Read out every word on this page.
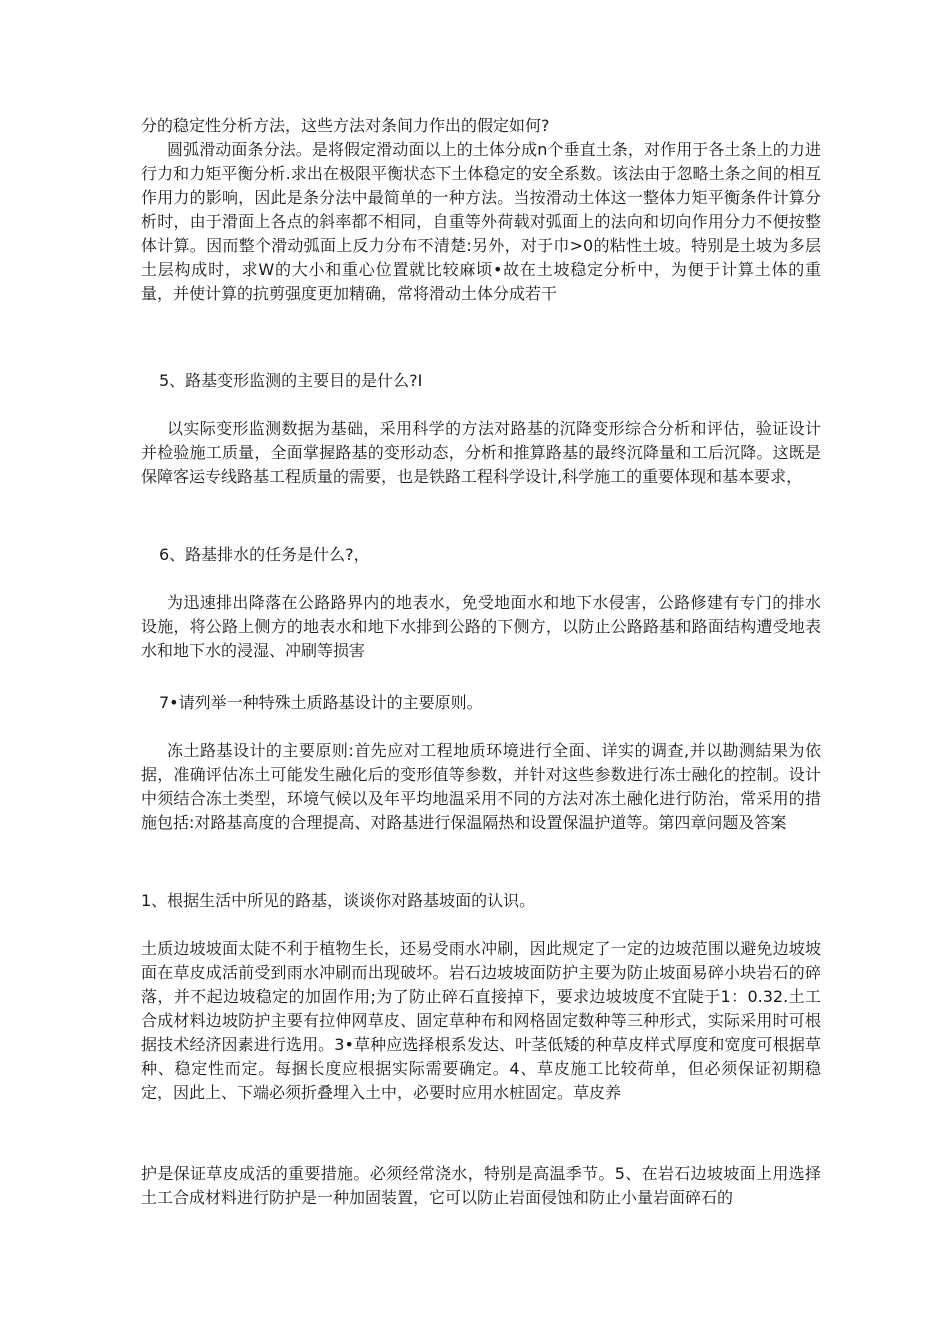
分的稳定性分析方法，这些方法对条间力作出的假定如何?

圆弧滑动面条分法。是将假定滑动面以上的土体分成n个垂直土条，对作用于各土条上的力进行力和力矩平衡分析.求出在极限平衡状态下土体稳定的安全系数。该法由于忽略土条之间的相互作用力的影响，因此是条分法中最简单的一种方法。当按滑动土体这一整体力矩平衡条件计算分析时，由于滑面上各点的斜率都不相同，自重等外荷载对弧面上的法向和切向作用分力不便按整体计算。因而整个滑动弧面上反力分布不清楚:另外，对于巾>0的粘性土坡。特别是土坡为多层土层构成时，求W的大小和重心位置就比较麻顷•故在土坡稳定分析中，为便于计算土体的重量，并使计算的抗剪强度更加精确，常将滑动土体分成若干

5、路基变形监测的主要目的是什么?I

以实际变形监测数据为基础，采用科学的方法对路基的沉降变形综合分析和评估，验证设计并检验施工质量，全面掌握路基的变形动态，分析和推算路基的最终沉降量和工后沉降。这既是保障客运专线路基工程质量的需要，也是铁路工程科学设计,科学施工的重要体现和基本要求，

6、路基排水的任务是什么?，

为迅速排出降落在公路路界内的地表水，免受地面水和地下水侵害，公路修建有专门的排水设施，将公路上侧方的地表水和地下水排到公路的下侧方，以防止公路路基和路面结构遭受地表水和地下水的浸湿、冲刷等损害

7•请列举一种特殊土质路基设计的主要原则。

冻土路基设计的主要原则:首先应对工程地质环境进行全面、详实的调查,并以勘测結果为依据，准确评估冻土可能发生融化后的变形值等参数，并针对这些参数进行冻士融化的控制。设计中须结合冻土类型，环境气候以及年平均地温采用不同的方法对冻土融化进行防治，常采用的措施包括:对路基高度的合理提高、对路基进行保温隔热和设置保温护道等。第四章问题及答案

1、根据生活中所见的路基，谈谈你对路基坡面的认识。

土质边坡坡面太陡不利于植物生长，还易受雨水冲刷，因此规定了一定的边坡范围以避免边坡坡面在草皮成活前受到雨水冲刷而出现破坏。岩石边坡坡面防护主要为防止坡面易碎小块岩石的碎落，并不起边坡稳定的加固作用;为了防止碎石直接掉下，要求边坡坡度不宜陡于1：0.32.土工合成材料边坡防护主要有拉伸网草皮、固定草种布和网格固定数种等三种形式，实际采用时可根据技术经济因素进行选用。3•草种应选择根系发达、叶茎低矮的种草皮样式厚度和宽度可根据草种、稳定性而定。每捆长度应根据实际需要确定。4、草皮施工比较荷单，但必须保证初期稳定，因此上、下端必须折叠埋入土中，必要时应用水桩固定。草皮养

护是保证草皮成活的重要措施。必须经常浇水，特别是高温季节。5、在岩石边坡坡面上用选择土工合成材料进行防护是一种加固装置，它可以防止岩面侵蚀和防止小量岩面碎石的
